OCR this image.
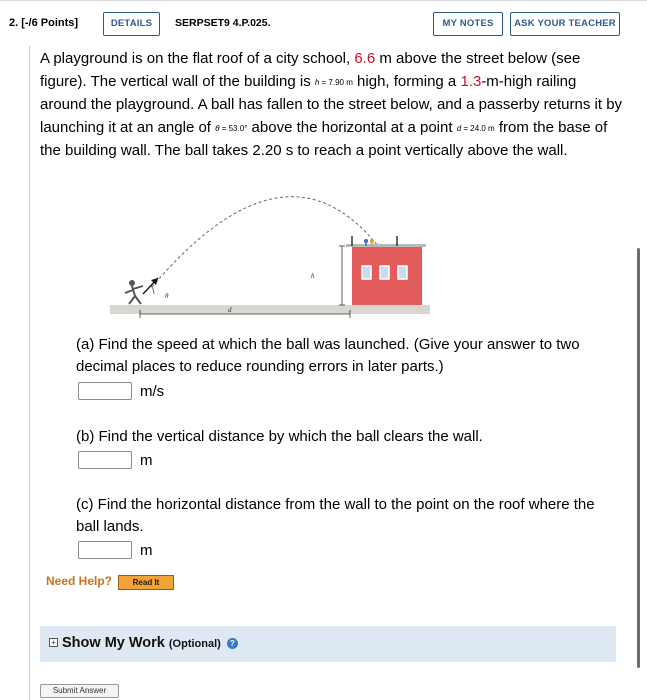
2. [-/6 Points]	DETAILS	SERPSET9 4.P.025.	MY NOTES	ASK YOUR TEACHER
A playground is on the flat roof of a city school, 6.6 m above the street below (see figure). The vertical wall of the building is h = 7.90 m high, forming a 1.3-m-high railing around the playground. A ball has fallen to the street below, and a passerby returns it by launching it at an angle of θ = 53.0° above the horizontal at a point d = 24.0 m from the base of the building wall. The ball takes 2.20 s to reach a point vertically above the wall.
h
d
θ
(a) Find the speed at which the ball was launched. (Give your answer to two decimal places to reduce rounding errors in later parts.)
m/s
(b) Find the vertical distance by which the ball clears the wall.
m
(c) Find the horizontal distance from the wall to the point on the roof where the ball lands.
m
Need Help?	Read It
+ Show My Work (Optional) ?
Submit Answer
